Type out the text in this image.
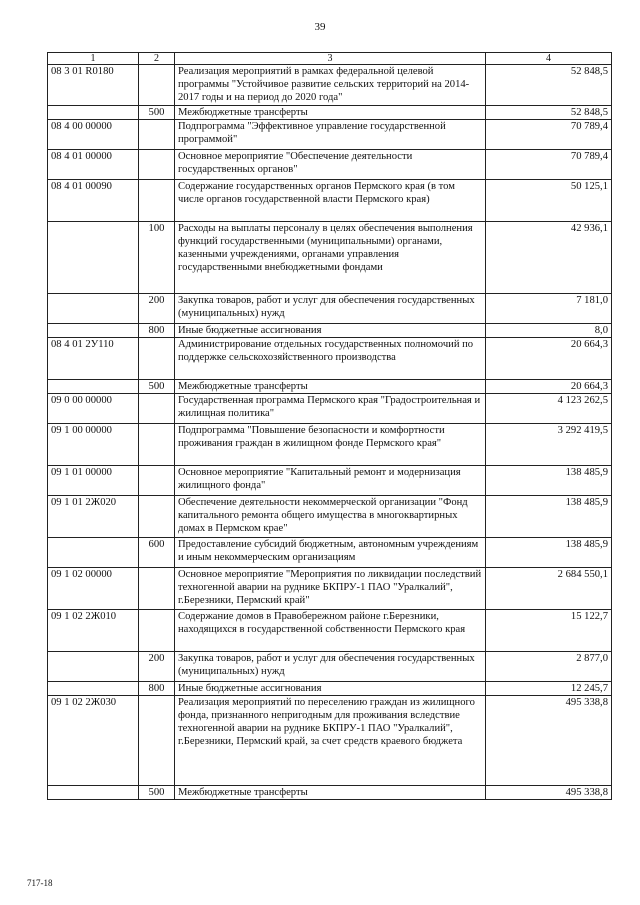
39
1	2	3	4
08 3 01 R0180		Реализация мероприятий в рамках федеральной целевой программы "Устойчивое развитие сельских территорий на 2014-2017 годы и на период до 2020 года"	52 848,5
	500	Межбюджетные трансферты	52 848,5
08 4 00 00000		Подпрограмма "Эффективное управление государственной программой"	70 789,4
08 4 01 00000		Основное мероприятие "Обеспечение деятельности государственных органов"	70 789,4
08 4 01 00090		Содержание государственных органов Пермского края (в том числе органов государственной власти Пермского края)	50 125,1
	100	Расходы на выплаты персоналу в целях обеспечения выполнения функций государственными (муниципальными) органами, казенными учреждениями, органами управления государственными внебюджетными фондами	42 936,1
	200	Закупка товаров, работ и услуг для обеспечения государственных (муниципальных) нужд	7 181,0
	800	Иные бюджетные ассигнования	8,0
08 4 01 2У110		Администрирование отдельных государственных полномочий по поддержке сельскохозяйственного производства	20 664,3
	500	Межбюджетные трансферты	20 664,3
09 0 00 00000		Государственная программа Пермского края "Градостроительная и жилищная политика"	4 123 262,5
09 1 00 00000		Подпрограмма "Повышение безопасности и комфортности проживания граждан в жилищном фонде Пермского края"	3 292 419,5
09 1 01 00000		Основное мероприятие "Капитальный ремонт и модернизация жилищного фонда"	138 485,9
09 1 01 2Ж020		Обеспечение деятельности некоммерческой организации "Фонд капитального ремонта общего имущества в многоквартирных домах в Пермском крае"	138 485,9
	600	Предоставление субсидий бюджетным, автономным учреждениям и иным некоммерческим организациям	138 485,9
09 1 02 00000		Основное мероприятие "Мероприятия по ликвидации последствий техногенной аварии на руднике БКПРУ-1 ПАО "Уралкалий", г.Березники, Пермский край"	2 684 550,1
09 1 02 2Ж010		Содержание домов в Правобережном районе г.Березники, находящихся в государственной собственности Пермского края	15 122,7
	200	Закупка товаров, работ и услуг для обеспечения государственных (муниципальных) нужд	2 877,0
	800	Иные бюджетные ассигнования	12 245,7
09 1 02 2Ж030		Реализация мероприятий по переселению граждан из жилищного фонда, признанного непригодным для проживания вследствие техногенной аварии на руднике БКПРУ-1 ПАО "Уралкалий", г.Березники, Пермский край, за счет средств краевого бюджета	495 338,8
	500	Межбюджетные трансферты	495 338,8
717-18
